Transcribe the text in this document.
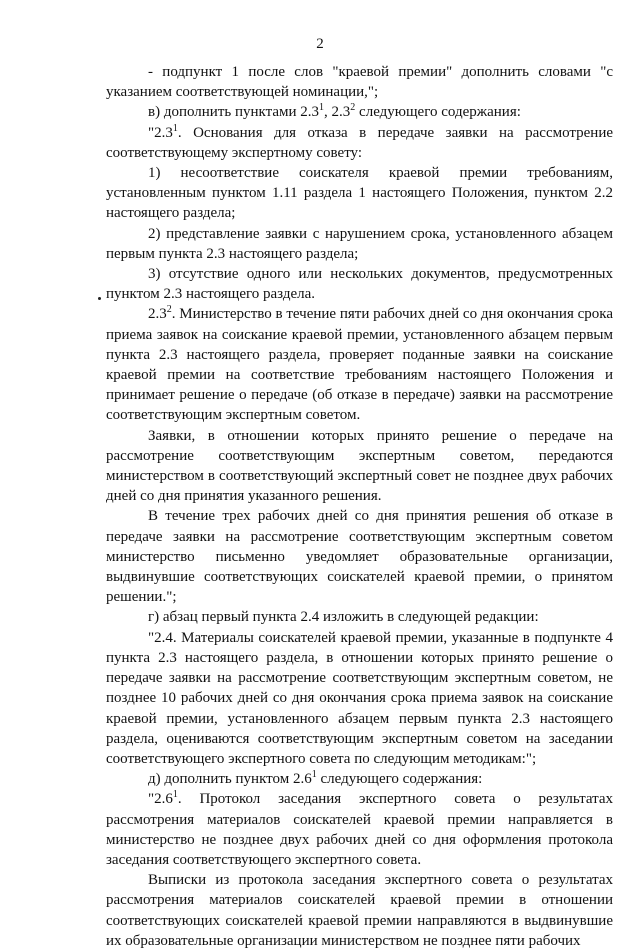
2

- подпункт 1 после слов "краевой премии" дополнить словами "с указанием соответствующей номинации,";

в) дополнить пунктами $2.3^1$, $2.3^2$ следующего содержания:

"$2.3^1$. Основания для отказа в передаче заявки на рассмотрение соответствующему экспертному совету:

1) несоответствие соискателя краевой премии требованиям, установленным пунктом 1.11 раздела 1 настоящего Положения, пунктом 2.2 настоящего раздела;

2) представление заявки с нарушением срока, установленного абзацем первым пункта 2.3 настоящего раздела;

3) отсутствие одного или нескольких документов, предусмотренных пунктом 2.3 настоящего раздела.

$2.3^2$. Министерство в течение пяти рабочих дней со дня окончания срока приема заявок на соискание краевой премии, установленного абзацем первым пункта 2.3 настоящего раздела, проверяет поданные заявки на соискание краевой премии на соответствие требованиям настоящего Положения и принимает решение о передаче (об отказе в передаче) заявки на рассмотрение соответствующим экспертным советом.

Заявки, в отношении которых принято решение о передаче на рассмотрение соответствующим экспертным советом, передаются министерством в соответствующий экспертный совет не позднее двух рабочих дней со дня принятия указанного решения.

В течение трех рабочих дней со дня принятия решения об отказе в передаче заявки на рассмотрение соответствующим экспертным советом министерство письменно уведомляет образовательные организации, выдвинувшие соответствующих соискателей краевой премии, о принятом решении.";

г) абзац первый пункта 2.4 изложить в следующей редакции:

"2.4. Материалы соискателей краевой премии, указанные в подпункте 4 пункта 2.3 настоящего раздела, в отношении которых принято решение о передаче заявки на рассмотрение соответствующим экспертным советом, не позднее 10 рабочих дней со дня окончания срока приема заявок на соискание краевой премии, установленного абзацем первым пункта 2.3 настоящего раздела, оцениваются соответствующим экспертным советом на заседании соответствующего экспертного совета по следующим методикам:";

д) дополнить пунктом $2.6^1$ следующего содержания:

"$2.6^1$. Протокол заседания экспертного совета о результатах рассмотрения материалов соискателей краевой премии направляется в министерство не позднее двух рабочих дней со дня оформления протокола заседания соответствующего экспертного совета.

Выписки из протокола заседания экспертного совета о результатах рассмотрения материалов соискателей краевой премии в отношении соответствующих соискателей краевой премии направляются в выдвинувшие их образовательные организации министерством не позднее пяти рабочих
